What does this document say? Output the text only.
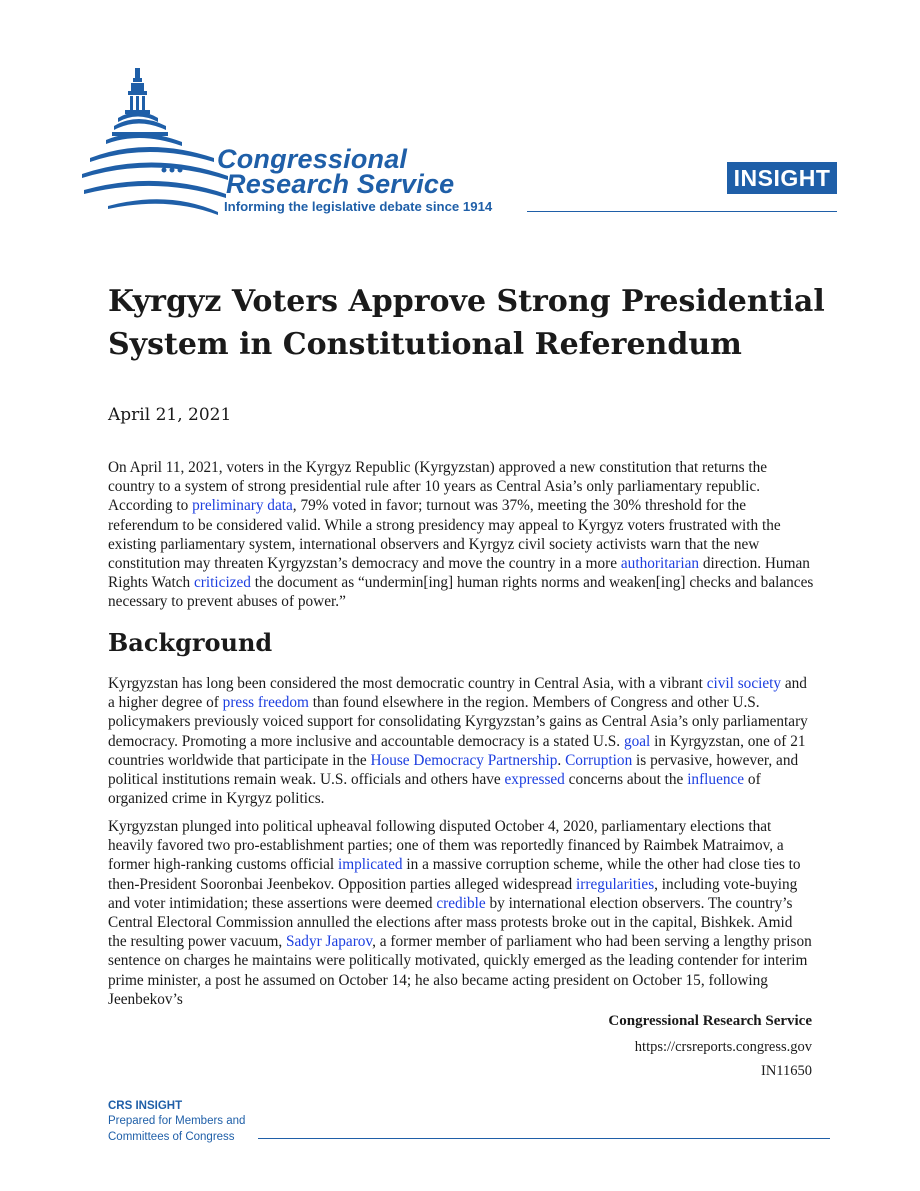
Congressional
Research Service
Informing the legislative debate since 1914
INSIGHT
Kyrgyz Voters Approve Strong Presidential System in Constitutional Referendum
April 21, 2021

On April 11, 2021, voters in the Kyrgyz Republic (Kyrgyzstan) approved a new constitution that returns the country to a system of strong presidential rule after 10 years as Central Asia’s only parliamentary republic. According to preliminary data, 79% voted in favor; turnout was 37%, meeting the 30% threshold for the referendum to be considered valid. While a strong presidency may appeal to Kyrgyz voters frustrated with the existing parliamentary system, international observers and Kyrgyz civil society activists warn that the new constitution may threaten Kyrgyzstan’s democracy and move the country in a more authoritarian direction. Human Rights Watch criticized the document as “undermin[ing] human rights norms and weaken[ing] checks and balances necessary to prevent abuses of power.”

Background

Kyrgyzstan has long been considered the most democratic country in Central Asia, with a vibrant civil society and a higher degree of press freedom than found elsewhere in the region. Members of Congress and other U.S. policymakers previously voiced support for consolidating Kyrgyzstan’s gains as Central Asia’s only parliamentary democracy. Promoting a more inclusive and accountable democracy is a stated U.S. goal in Kyrgyzstan, one of 21 countries worldwide that participate in the House Democracy Partnership. Corruption is pervasive, however, and political institutions remain weak. U.S. officials and others have expressed concerns about the influence of organized crime in Kyrgyz politics.

Kyrgyzstan plunged into political upheaval following disputed October 4, 2020, parliamentary elections that heavily favored two pro-establishment parties; one of them was reportedly financed by Raimbek Matraimov, a former high-ranking customs official implicated in a massive corruption scheme, while the other had close ties to then-President Sooronbai Jeenbekov. Opposition parties alleged widespread irregularities, including vote-buying and voter intimidation; these assertions were deemed credible by international election observers. The country’s Central Electoral Commission annulled the elections after mass protests broke out in the capital, Bishkek. Amid the resulting power vacuum, Sadyr Japarov, a former member of parliament who had been serving a lengthy prison sentence on charges he maintains were politically motivated, quickly emerged as the leading contender for interim prime minister, a post he assumed on October 14; he also became acting president on October 15, following Jeenbekov’s

Congressional Research Service
https://crsreports.congress.gov
IN11650
CRS INSIGHT
Prepared for Members and
Committees of Congress
